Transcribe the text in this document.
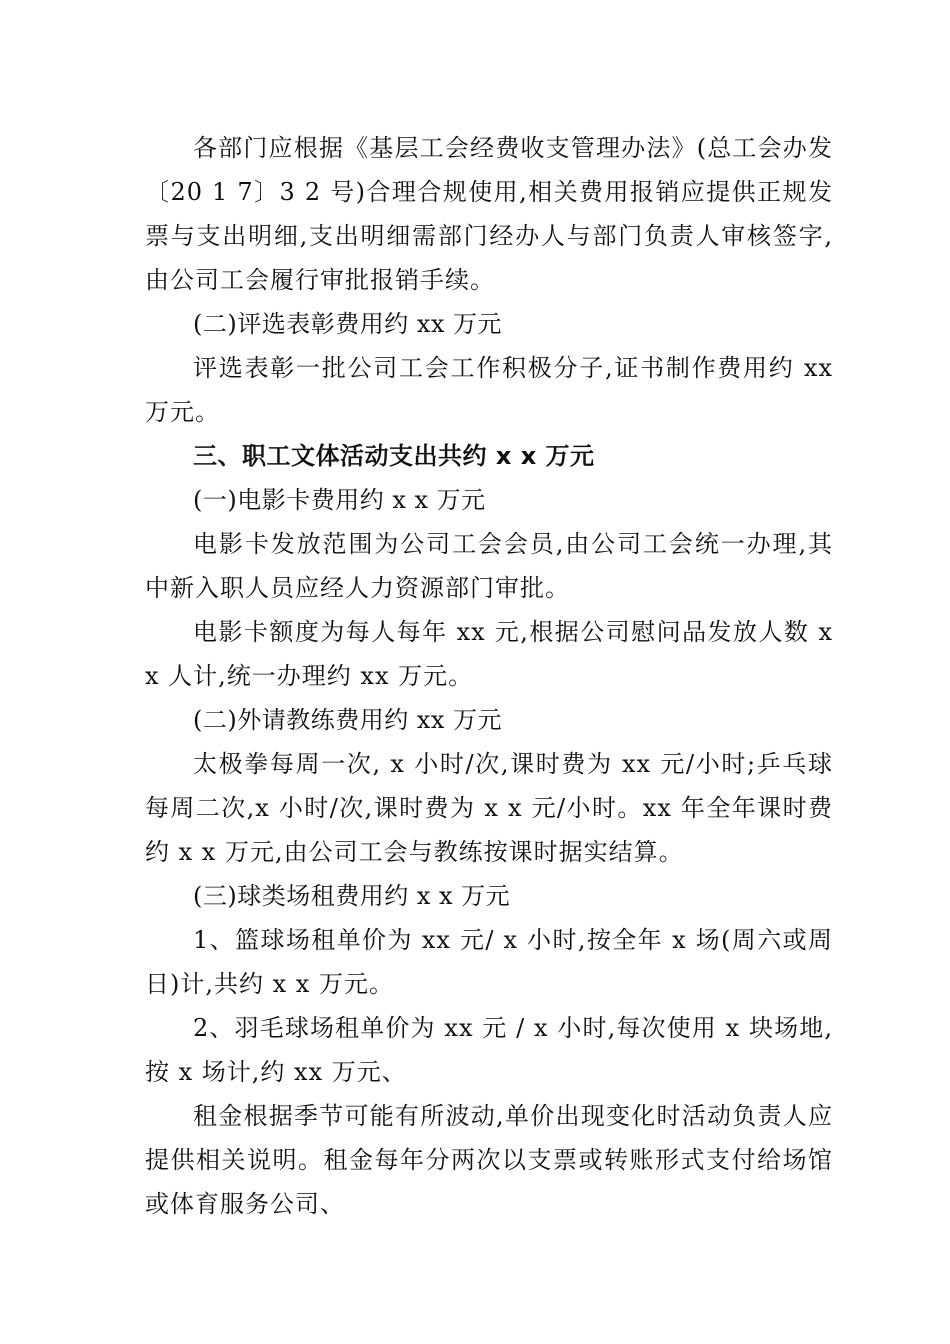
各部门应根据《基层工会经费收支管理办法》(总工会办发〔20 1 7〕3 2 号)合理合规使用,相关费用报销应提供正规发票与支出明细,支出明细需部门经办人与部门负责人审核签字,由公司工会履行审批报销手续。

(二)评选表彰费用约 xx 万元

评选表彰一批公司工会工作积极分子,证书制作费用约 xx 万元。

三、职工文体活动支出共约 x x 万元

(一)电影卡费用约 x x 万元

电影卡发放范围为公司工会会员,由公司工会统一办理,其中新入职人员应经人力资源部门审批。

电影卡额度为每人每年 xx 元,根据公司慰问品发放人数 xx 人计,统一办理约 xx 万元。

(二)外请教练费用约 xx 万元

太极拳每周一次, x 小时/次,课时费为 xx 元/小时;乒乓球每周二次,x 小时/次,课时费为 x x 元/小时。xx 年全年课时费约 x x 万元,由公司工会与教练按课时据实结算。

(三)球类场租费用约 x x 万元

1、篮球场租单价为 xx 元/ x 小时,按全年 x 场(周六或周日)计,共约 x x 万元。

2、羽毛球场租单价为 xx 元 / x 小时,每次使用 x 块场地,按 x 场计,约 xx 万元、

租金根据季节可能有所波动,单价出现变化时活动负责人应提供相关说明。租金每年分两次以支票或转账形式支付给场馆或体育服务公司、
